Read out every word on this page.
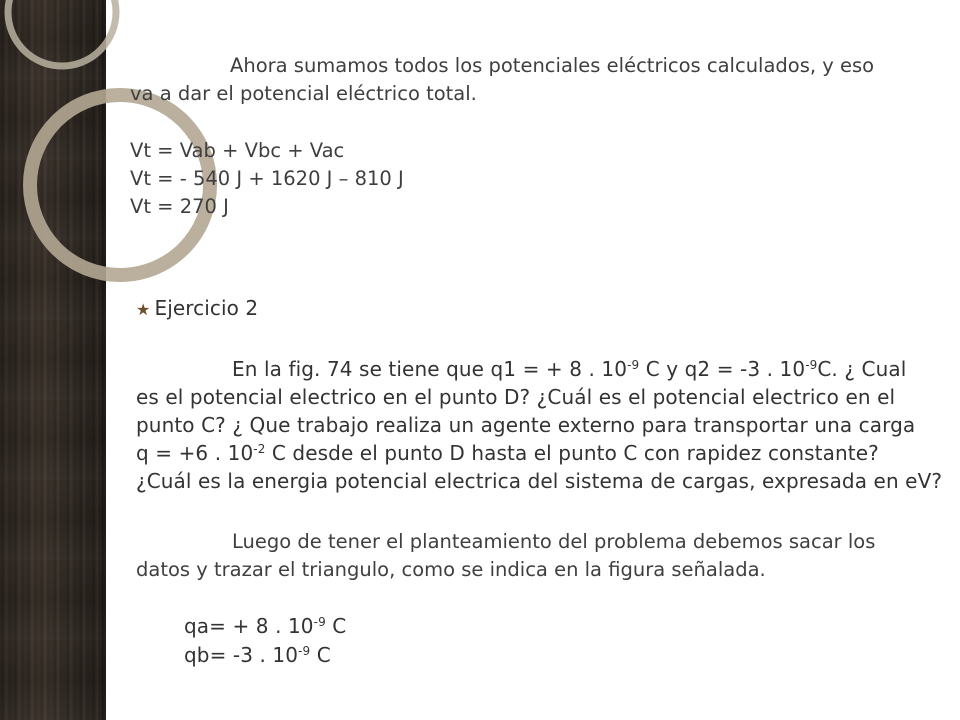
Ahora sumamos todos los potenciales eléctricos calculados, y eso
va a dar el potencial eléctrico total.
Vt = Vab + Vbc + Vac
Vt = - 540 J + 1620 J – 810 J
Vt = 270 J
★ Ejercicio 2
En la fig. 74 se tiene que q1 = + 8 . $10^{-9}$ C y q2 = -3 . $10^{-9}C$. ¿ Cual
es el potencial electrico en el punto D? ¿Cuál es el potencial electrico en el
punto C? ¿ Que trabajo realiza un agente externo para transportar una carga
q = +6 . $10^{-2}$ C desde el punto D hasta el punto C con rapidez constante?
¿Cuál es la energia potencial electrica del sistema de cargas, expresada en eV?
Luego de tener el planteamiento del problema debemos sacar los
datos y trazar el triangulo, como se indica en la figura señalada.
qa= + 8 . $10^{-9}$ C
qb= -3 . $10^{-9}$ C
